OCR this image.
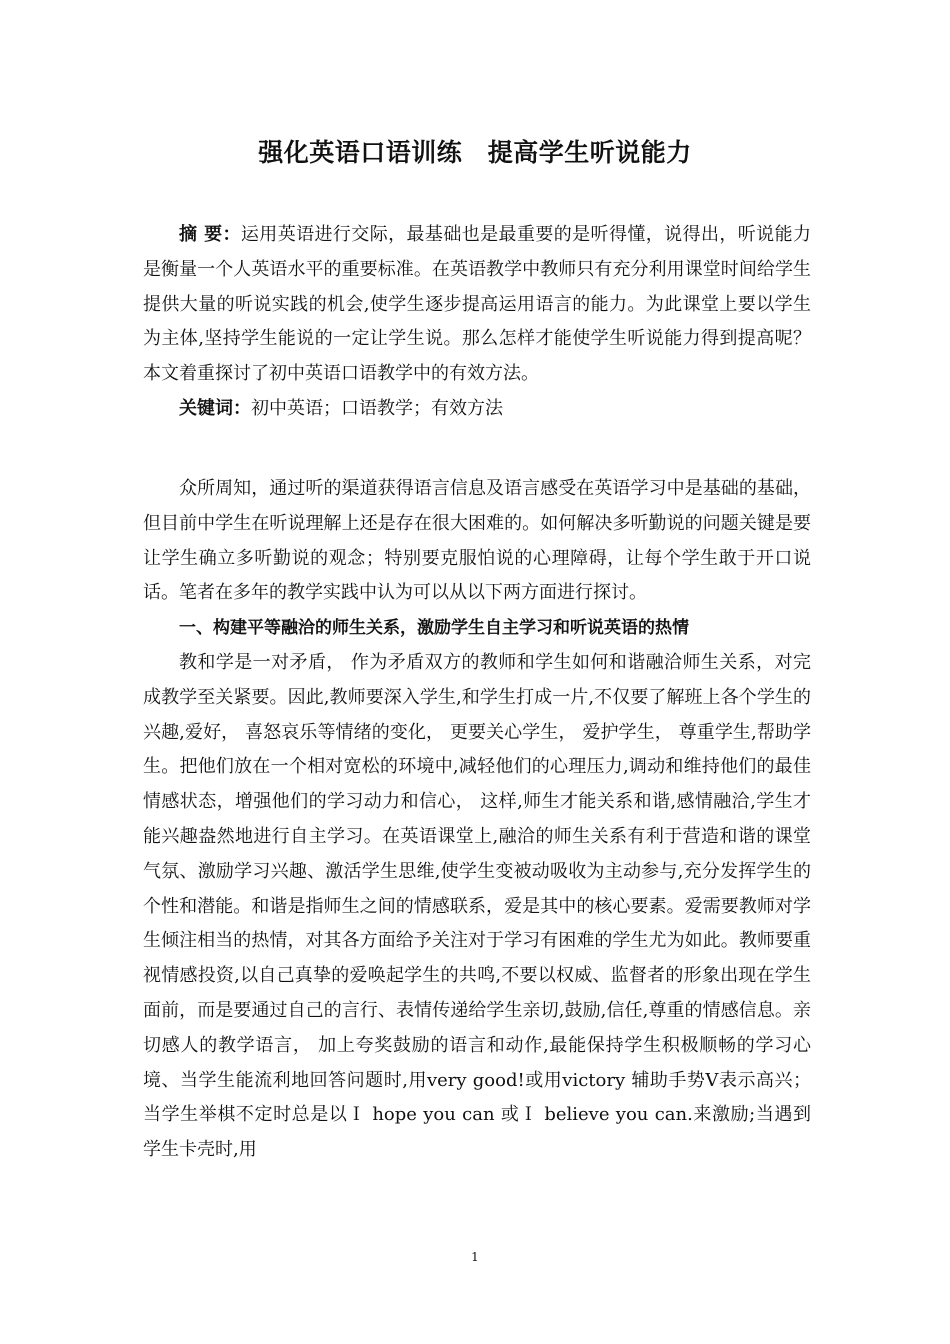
强化英语口语训练　提高学生听说能力

摘 要：运用英语进行交际，最基础也是最重要的是听得懂，说得出，听说能力是衡量一个人英语水平的重要标准。在英语教学中教师只有充分利用课堂时间给学生提供大量的听说实践的机会,使学生逐步提高运用语言的能力。为此课堂上要以学生为主体,坚持学生能说的一定让学生说。那么怎样才能使学生听说能力得到提高呢？本文着重探讨了初中英语口语教学中的有效方法。

关键词：初中英语；口语教学；有效方法

众所周知，通过听的渠道获得语言信息及语言感受在英语学习中是基础的基础，但目前中学生在听说理解上还是存在很大困难的。如何解决多听勤说的问题关键是要让学生确立多听勤说的观念；特别要克服怕说的心理障碍，让每个学生敢于开口说话。笔者在多年的教学实践中认为可以从以下两方面进行探讨。

一、构建平等融洽的师生关系，激励学生自主学习和听说英语的热情

教和学是一对矛盾， 作为矛盾双方的教师和学生如何和谐融洽师生关系，对完成教学至关紧要。因此,教师要深入学生,和学生打成一片,不仅要了解班上各个学生的兴趣,爱好， 喜怒哀乐等情绪的变化， 更要关心学生， 爱护学生， 尊重学生,帮助学生。把他们放在一个相对宽松的环境中,减轻他们的心理压力,调动和维持他们的最佳情感状态，增强他们的学习动力和信心， 这样,师生才能关系和谐,感情融洽,学生才能兴趣盎然地进行自主学习。在英语课堂上,融洽的师生关系有利于营造和谐的课堂气氛、激励学习兴趣、激活学生思维,使学生变被动吸收为主动参与,充分发挥学生的个性和潜能。和谐是指师生之间的情感联系，爱是其中的核心要素。爱需要教师对学生倾注相当的热情，对其各方面给予关注对于学习有困难的学生尤为如此。教师要重视情感投资,以自己真挚的爱唤起学生的共鸣,不要以权威、监督者的形象出现在学生面前，而是要通过自己的言行、表情传递给学生亲切,鼓励,信任,尊重的情感信息。亲切感人的教学语言， 加上夸奖鼓励的语言和动作,最能保持学生积极顺畅的学习心境、当学生能流利地回答问题时,用very good!或用victory 辅助手势Ⅴ表示高兴；当学生举棋不定时总是以Ｉ hope you can 或Ｉ believe you can.来激励;当遇到学生卡壳时,用

1
